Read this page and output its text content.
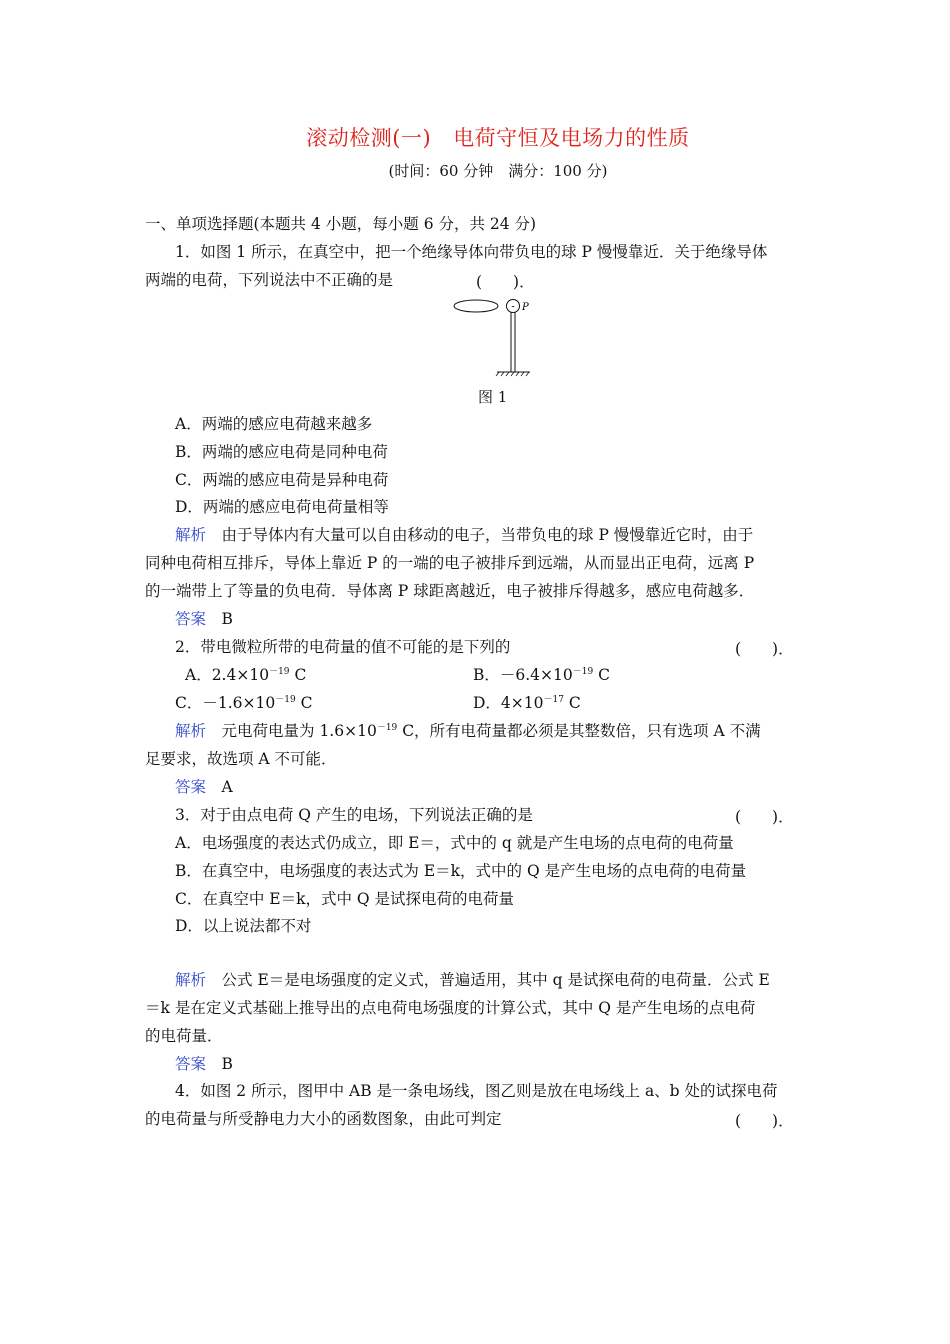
滚动检测(一) 电荷守恒及电场力的性质
(时间：60 分钟　满分：100 分)
一、单项选择题(本题共 4 小题，每小题 6 分，共 24 分)
1．如图 1 所示，在真空中，把一个绝缘导体向带负电的球 P 慢慢靠近．关于绝缘导体
两端的电荷，下列说法中不正确的是	(　　)．
- P
图 1
A．两端的感应电荷越来越多
B．两端的感应电荷是同种电荷
C．两端的感应电荷是异种电荷
D．两端的感应电荷电荷量相等
解析　由于导体内有大量可以自由移动的电子，当带负电的球 P 慢慢靠近它时，由于
同种电荷相互排斥，导体上靠近 P 的一端的电子被排斥到远端，从而显出正电荷，远离 P
的一端带上了等量的负电荷．导体离 P 球距离越近，电子被排斥得越多，感应电荷越多．
答案　B
2．带电微粒所带的电荷量的值不可能的是下列的	(　　)．
A．$2.4\times 10^{-19}$ C	B．$-6.4\times 10^{-19}$ C
C．$-1.6\times 10^{-19}$ C	D．$4\times 10^{-17}$ C
解析　元电荷电量为 $1.6\times 10^{-19}$ C，所有电荷量都必须是其整数倍，只有选项 A 不满
足要求，故选项 A 不可能．
答案　A
3．对于由点电荷 Q 产生的电场，下列说法正确的是	(　　)．
A．电场强度的表达式仍成立，即 E＝，式中的 q 就是产生电场的点电荷的电荷量
B．在真空中，电场强度的表达式为 E＝k，式中的 Q 是产生电场的点电荷的电荷量
C．在真空中 E＝k，式中 Q 是试探电荷的电荷量
D．以上说法都不对
解析　公式 E＝是电场强度的定义式，普遍适用，其中 q 是试探电荷的电荷量．公式 E
＝k 是在定义式基础上推导出的点电荷电场强度的计算公式，其中 Q 是产生电场的点电荷
的电荷量．
答案　B
4．如图 2 所示，图甲中 AB 是一条电场线，图乙则是放在电场线上 a、b 处的试探电荷
的电荷量与所受静电力大小的函数图象，由此可判定	(　　)．
